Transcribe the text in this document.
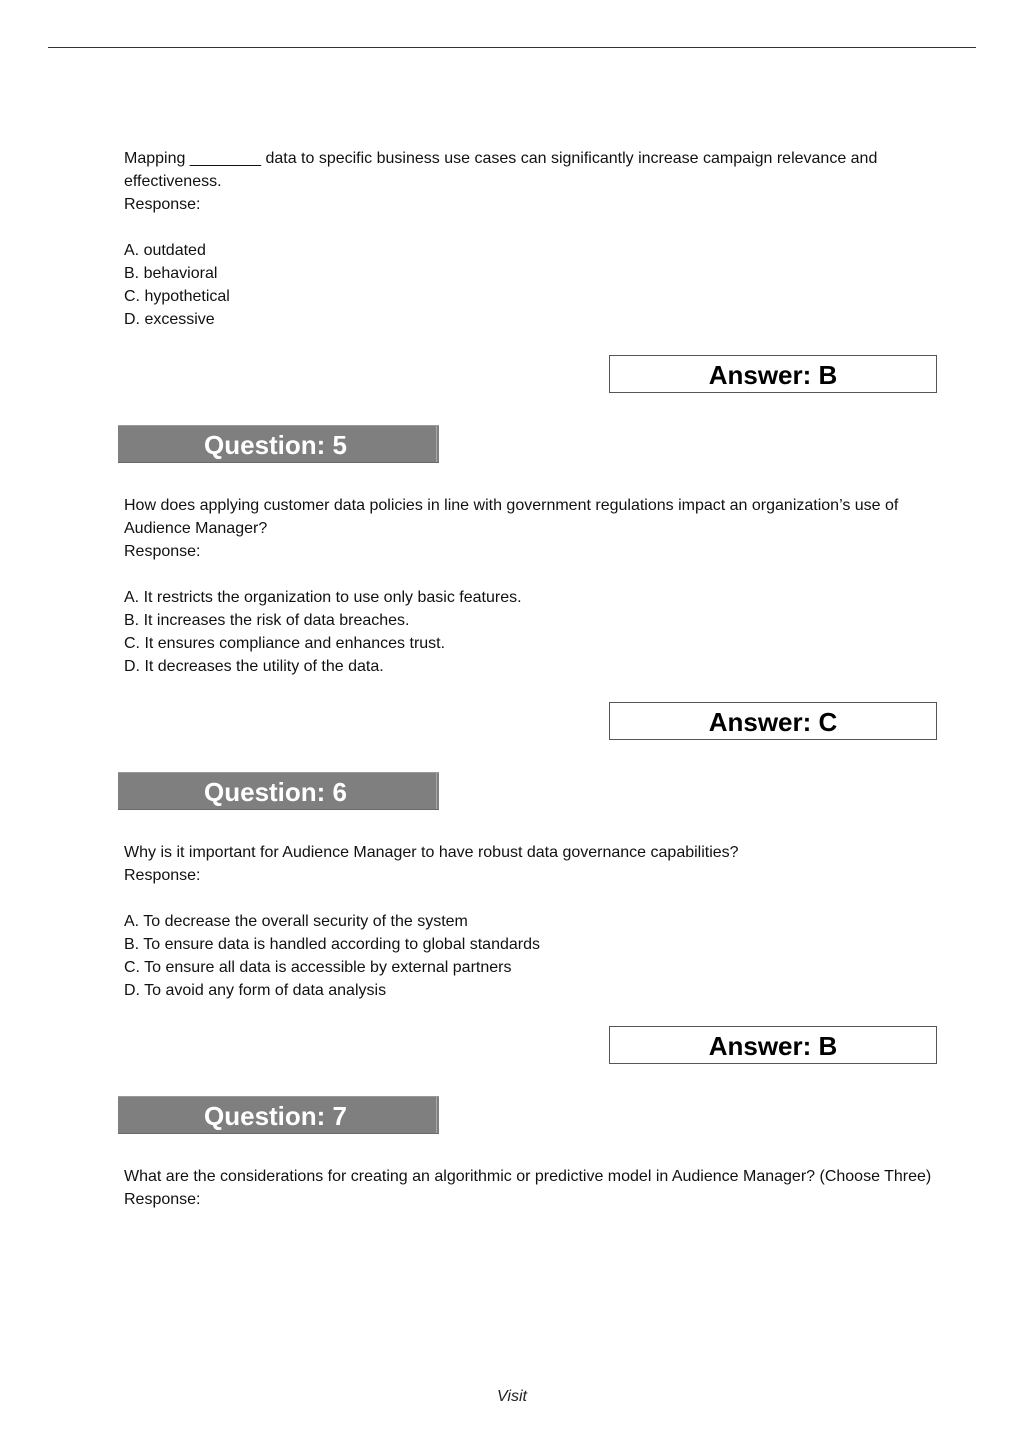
Mapping ________ data to specific business use cases can significantly increase campaign relevance and effectiveness.

Response:

A. outdated

B. behavioral

C. hypothetical

D. excessive

Answer: B
Question: 5

How does applying customer data policies in line with government regulations impact an organization’s use of Audience Manager?

Response:

A. It restricts the organization to use only basic features.

B. It increases the risk of data breaches.

C. It ensures compliance and enhances trust.

D. It decreases the utility of the data.

Answer: C
Question: 6

Why is it important for Audience Manager to have robust data governance capabilities?

Response:

A. To decrease the overall security of the system

B. To ensure data is handled according to global standards

C. To ensure all data is accessible by external partners

D. To avoid any form of data analysis

Answer: B
Question: 7

What are the considerations for creating an algorithmic or predictive model in Audience Manager? (Choose Three)

Response:

Visit
